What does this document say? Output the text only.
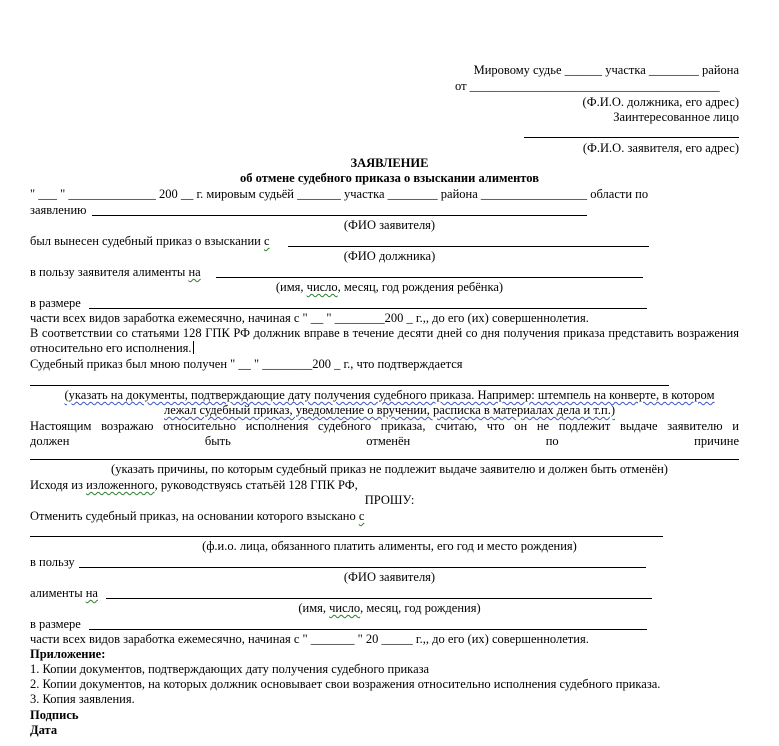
Мировому судье ______ участка ________ района
от ________________________________________
(Ф.И.О. должника, его адрес)
Заинтересованное лицо
(Ф.И.О. заявителя, его адрес)
ЗАЯВЛЕНИЕ
об отмене судебного приказа о взыскании алиментов
" ___ " ______________ 200 __ г. мировым судьёй _______ участка ________ района _________________ области по
заявлению
(ФИО заявителя)
был вынесен судебный приказ о взыскании с
(ФИО должника)
в пользу заявителя алименты на
(имя, число, месяц, год рождения ребёнка)
в размере
части всех видов заработка ежемесячно, начиная с " __ " ________200 _ г.,, до его (их) совершеннолетия.
В соответствии со статьями 128 ГПК РФ должник вправе в течение десяти дней со дня получения приказа представить возражения относительно его исполнения.
Судебный приказ был мною получен " __ " ________200 _ г., что подтверждается
(указать на документы, подтверждающие дату получения судебного приказа. Например: штемпель на конверте, в котором
лежал судебный приказ, уведомление о вручении, расписка в материалах дела и т.п.)
Настоящим возражаю относительно исполнения судебного приказа, считаю, что он не подлежит выдаче заявителю и
должен	быть	отменён	по	причине
(указать причины, по которым судебный приказ не подлежит выдаче заявителю и должен быть отменён)
Исходя из изложенного, руководствуясь статьёй 128 ГПК РФ,
ПРОШУ:
Отменить судебный приказ, на основании которого взыскано с
(ф.и.о. лица, обязанного платить алименты, его год и место рождения)
в пользу
(ФИО заявителя)
алименты на
(имя, число, месяц, год рождения)
в размере
части всех видов заработка ежемесячно, начиная с " _______ " 20 _____ г.,, до его (их) совершеннолетия.
Приложение:
1. Копии документов, подтверждающих дату получения судебного приказа
2. Копии документов, на которых должник основывает свои возражения относительно исполнения судебного приказа.
3. Копия заявления.
Подпись
Дата
